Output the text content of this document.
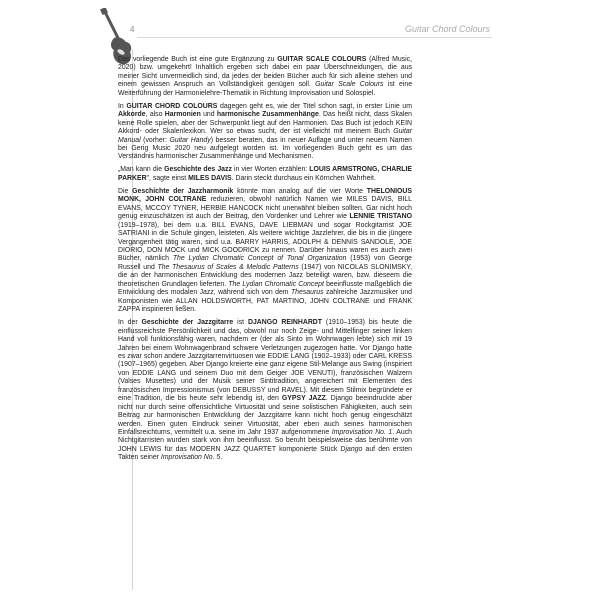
4	Guitar Chord Colours

Das vorliegende Buch ist eine gute Ergänzung zu GUITAR SCALE COLOURS (Alfred Music, 2020) bzw. umgekehrt! Inhaltlich ergeben sich dabei ein paar Überschneidungen, die aus meiner Sicht unvermeidlich sind, da jedes der beiden Bücher auch für sich alleine stehen und einem gewissen Anspruch an Vollständigkeit genügen soll. Guitar Scale Colours ist eine Weiterführung der Harmonielehre-Thematik in Richtung Improvisation und Solospiel.

In GUITAR CHORD COLOURS dagegen geht es, wie der Titel schon sagt, in erster Linie um Akkorde, also Harmonien und harmonische Zusammenhänge. Das heißt nicht, dass Skalen keine Rolle spielen, aber der Schwerpunkt liegt auf den Harmonien. Das Buch ist jedoch KEIN Akkord- oder Skalenlexikon. Wer so etwas sucht, der ist vielleicht mit meinem Buch Guitar Manual (vorher: Guitar Handy) besser beraten, das in neuer Auflage und unter neuem Namen bei Gerig Music 2020 neu aufgelegt worden ist. Im vorliegenden Buch geht es um das Verständnis harmonischer Zusammenhänge und Mechanismen.

„Man kann die Geschichte des Jazz in vier Worten erzählen: LOUIS ARMSTRONG, CHARLIE PARKER", sagte einst MILES DAVIS. Darin steckt durchaus ein Körnchen Wahrheit.

Die Geschichte der Jazzharmonik könnte man analog auf die vier Worte THELONIOUS MONK, JOHN COLTRANE reduzieren, obwohl natürlich Namen wie MILES DAVIS, BILL EVANS, MCCOY TYNER, HERBIE HANCOCK nicht unerwähnt bleiben sollten. Gar nicht hoch genug einzuschätzen ist auch der Beitrag, den Vordenker und Lehrer wie LENNIE TRISTANO (1919–1978), bei dem u.a. BILL EVANS, DAVE LIEBMAN und sogar Rockgitarrist JOE SATRIANI in die Schule gingen, leisteten. Als weitere wichtige Jazzlehrer, die bis in die jüngere Vergangenheit tätig waren, sind u.a. BARRY HARRIS, ADOLPH & DENNIS SANDOLE, JOE DIORIO, DON MOCK und MICK GOODRICK zu nennen. Darüber hinaus waren es auch zwei Bücher, nämlich The Lydian Chromatic Concept of Tonal Organization (1953) von George Russell und The Thesaurus of Scales & Melodic Patterns (1947) von NICOLAS SLONIMSKY, die an der harmonischen Entwicklung des modernen Jazz beteiligt waren, bzw. dieseem die theoretischen Grundlagen lieferten. The Lydian Chromatic Concept beeinflusste maßgeblich die Entwicklung des modalen Jazz, während sich von dem Thesaurus zahlreiche Jazzmusiker und Komponisten wie ALLAN HOLDSWORTH, PAT MARTINO, JOHN COLTRANE und FRANK ZAPPA inspirieren ließen.

In der Geschichte der Jazzgitarre ist DJANGO REINHARDT (1910–1953) bis heute die einflussreichste Persönlichkeit und das, obwohl nur noch Zeige- und Mittelfinger seiner linken Hand voll funktionsfähig waren, nachdem er (der als Sinto im Wohnwagen lebte) sich mit 19 Jahren bei einem Wohnwagenbrand schwere Verletzungen zugezogen hatte. Vor Django hatte es zwar schon andere Jazzgitarrenvirtuosen wie EDDIE LANG (1902–1933) oder CARL KRESS (1907–1965) gegeben. Aber Django kreierte eine ganz eigene Stil-Melange aus Swing (inspiriert von EDDIE LANG und seinem Duo mit dem Geiger JOE VENUTI), französischen Walzern (Valses Musettes) und der Musik seiner Sintitradition, angereichert mit Elementen des französischen Impressionismus (von DEBUSSY und RAVEL). Mit diesem Stilmix begründete er eine Tradition, die bis heute sehr lebendig ist, den GYPSY JAZZ. Django beeindruckte aber nicht nur durch seine offensichtliche Virtuosität und seine solistischen Fähigkeiten, auch sein Beitrag zur harmonischen Entwicklung der Jazzgitarre kann nicht hoch genug eingeschätzt werden. Einen guten Eindruck seiner Virtuosität, aber eben auch seines harmonischen Einfallsreichtums, vermittelt u.a. seine im Jahr 1937 aufgenommene Improvisation No. 1. Auch Nichtgitarristen wurden stark von ihm beeinflusst. So beruht beispielsweise das berühmte von JOHN LEWIS für das MODERN JAZZ QUARTET komponierte Stück Django auf den ersten Takten seiner Improvisation No. 5.
